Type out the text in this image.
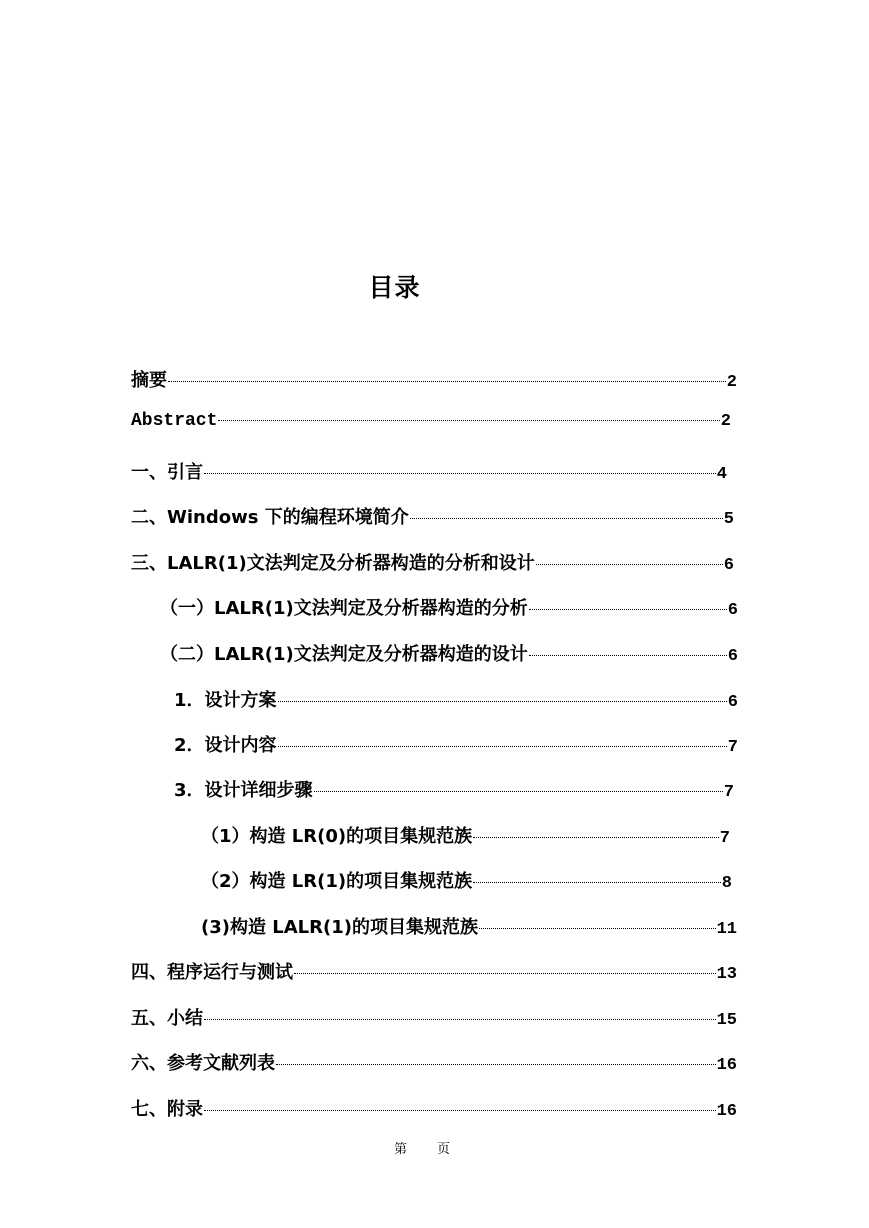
目录
摘要	2
Abstract	2
一、引言	4
二、Windows 下的编程环境简介	5
三、LALR(1)文法判定及分析器构造的分析和设计	6
（一）LALR(1)文法判定及分析器构造的分析	6
（二）LALR(1)文法判定及分析器构造的设计	6
1．设计方案	6
2．设计内容	7
3．设计详细步骤	7
（1）构造 LR(0)的项目集规范族	7
（2）构造 LR(1)的项目集规范族	8
(3)构造 LALR(1)的项目集规范族	11
四、程序运行与测试	13
五、小结	15
六、参考文献列表	16
七、附录	16
第 页
